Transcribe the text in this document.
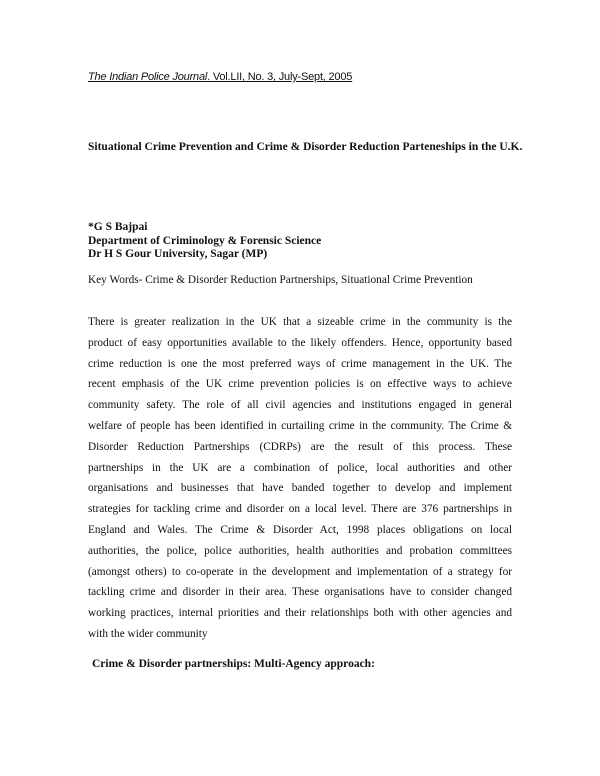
The Indian Police Journal. Vol.LII, No. 3, July-Sept, 2005
Situational Crime Prevention and Crime & Disorder Reduction Parteneships in the U.K.
*G S Bajpai
Department of Criminology & Forensic Science
Dr H S Gour University, Sagar (MP)
Key Words- Crime & Disorder Reduction Partnerships, Situational Crime Prevention
There is greater realization in the UK that a sizeable crime in the community is the
product of easy opportunities available to the likely offenders. Hence, opportunity based
crime reduction is one the most preferred ways of crime management in the UK. The
recent emphasis of the UK crime prevention policies is on effective ways to achieve
community safety. The role of all civil agencies and institutions engaged in general
welfare of people has been identified in curtailing crime in the community. The Crime &
Disorder Reduction Partnerships (CDRPs) are the result of this process. These
partnerships in the UK are a combination of police, local authorities and other
organisations and businesses that have banded together to develop and implement
strategies for tackling crime and disorder on a local level. There are 376 partnerships in
England and Wales. The Crime & Disorder Act, 1998 places obligations on local
authorities, the police, police authorities, health authorities and probation committees
(amongst others) to co-operate in the development and implementation of a strategy for
tackling crime and disorder in their area. These organisations have to consider changed
working practices, internal priorities and their relationships both with other agencies and
with the wider community
Crime & Disorder partnerships: Multi-Agency approach:
